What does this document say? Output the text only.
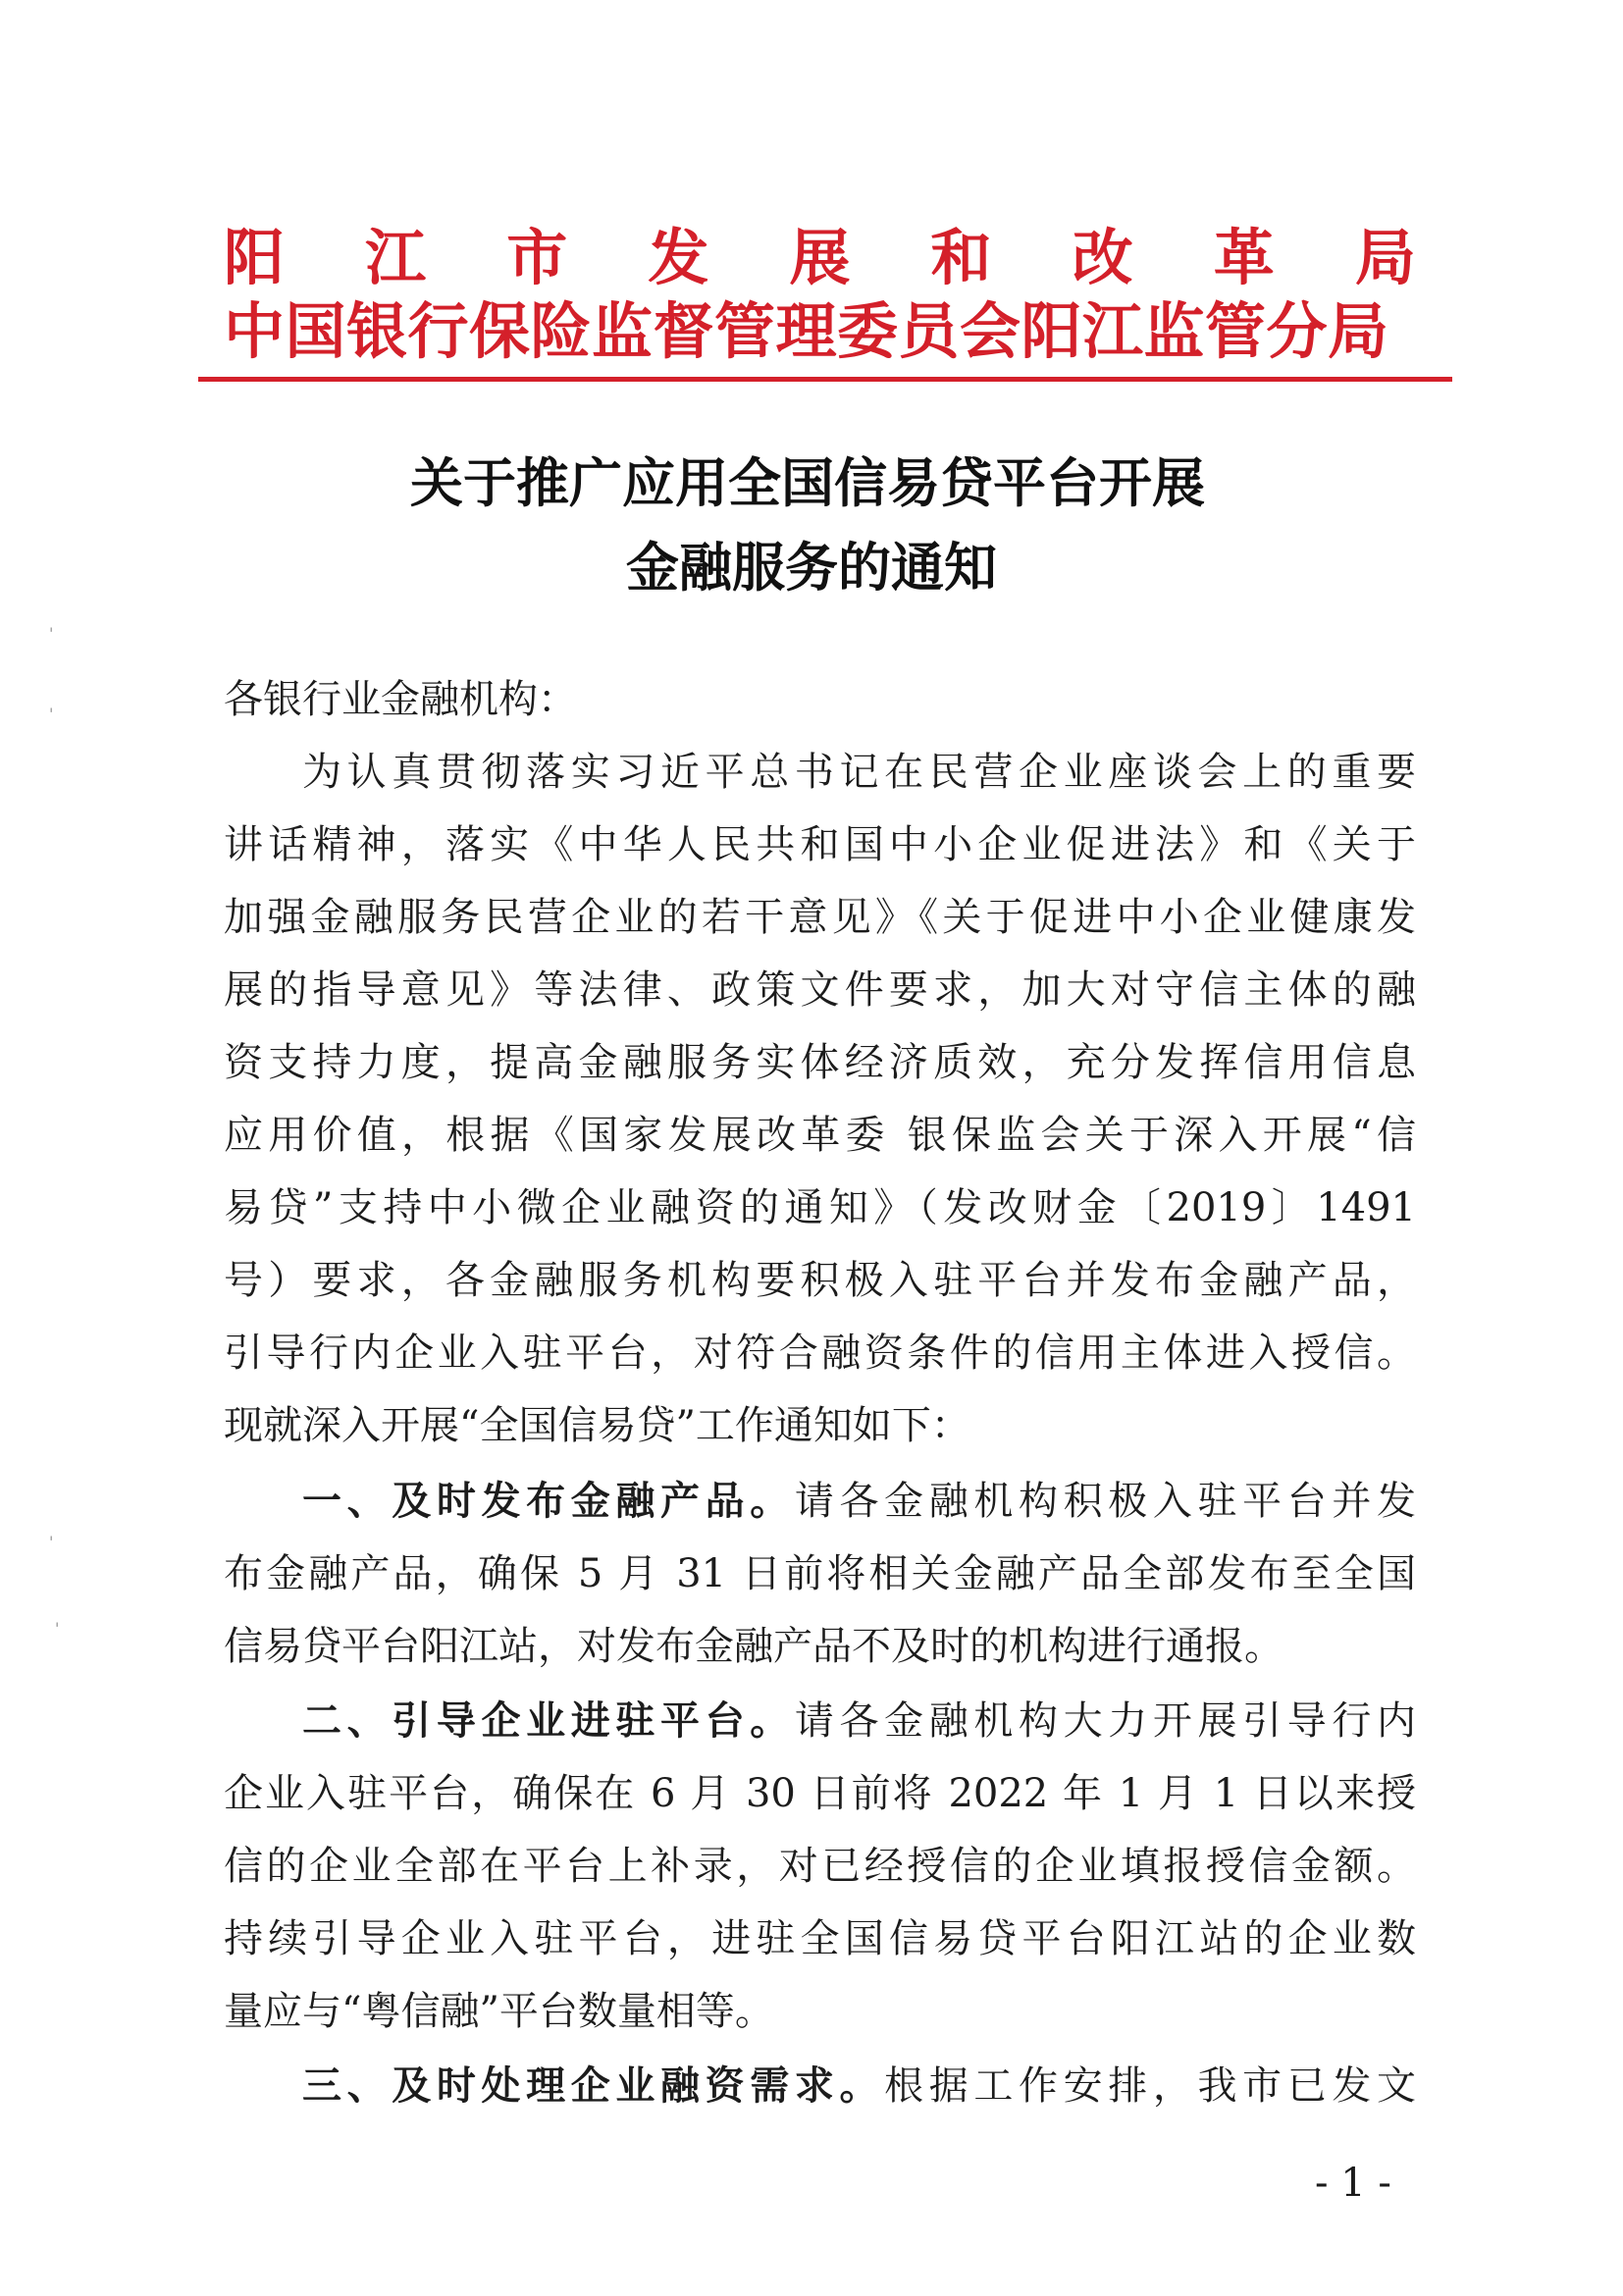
阳 江 市 发 展 和 改 革 局
中国银行保险监督管理委员会阳江监管分局
关于推广应用全国信易贷平台开展
金融服务的通知
各银行业金融机构：
为认真贯彻落实习近平总书记在民营企业座谈会上的重要
讲话精神，落实《中华人民共和国中小企业促进法》和《关于
加强金融服务民营企业的若干意见》《关于促进中小企业健康发
展的指导意见》等法律、政策文件要求，加大对守信主体的融
资支持力度，提高金融服务实体经济质效，充分发挥信用信息
应用价值，根据《国家发展改革委 银保监会关于深入开展“信
易贷”支持中小微企业融资的通知》（发改财金〔2019〕1491
号）要求，各金融服务机构要积极入驻平台并发布金融产品，
引导行内企业入驻平台，对符合融资条件的信用主体进入授信。
现就深入开展“全国信易贷”工作通知如下：
一、及时发布金融产品。请各金融机构积极入驻平台并发
布金融产品，确保 5 月 31 日前将相关金融产品全部发布至全国
信易贷平台阳江站，对发布金融产品不及时的机构进行通报。
二、引导企业进驻平台。请各金融机构大力开展引导行内
企业入驻平台，确保在 6 月 30 日前将 2022 年 1 月 1 日以来授
信的企业全部在平台上补录，对已经授信的企业填报授信金额。
持续引导企业入驻平台，进驻全国信易贷平台阳江站的企业数
量应与“粤信融”平台数量相等。
三、及时处理企业融资需求。根据工作安排，我市已发文
- 1 -
'
'
'
'
